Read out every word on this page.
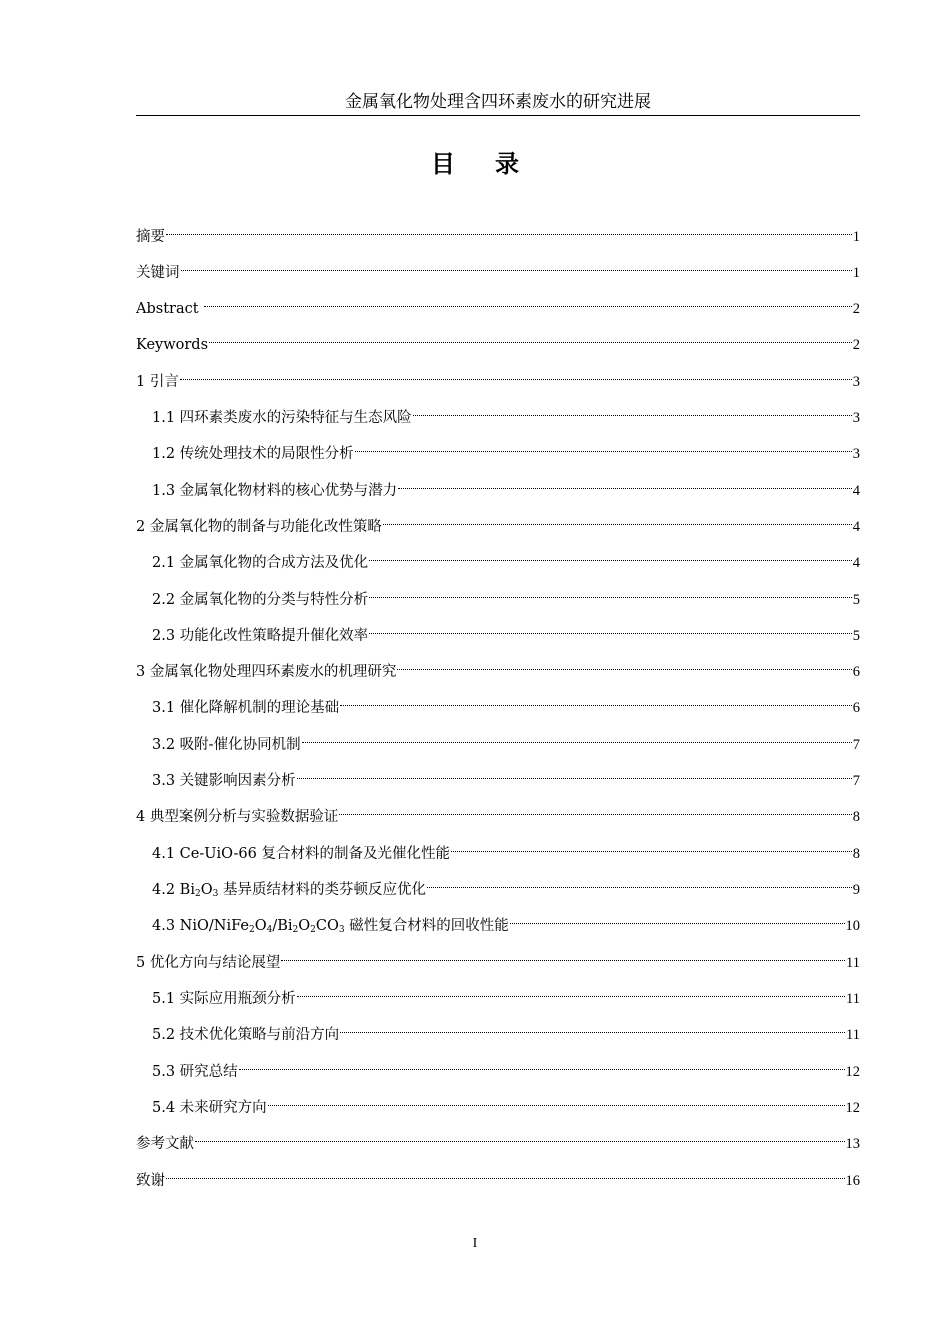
金属氧化物处理含四环素废水的研究进展
目录
摘要	1
关键词	1
Abstract	2
Keywords	2
1 引言	3
1.1 四环素类废水的污染特征与生态风险	3
1.2 传统处理技术的局限性分析	3
1.3 金属氧化物材料的核心优势与潜力	4
2 金属氧化物的制备与功能化改性策略	4
2.1 金属氧化物的合成方法及优化	4
2.2 金属氧化物的分类与特性分析	5
2.3 功能化改性策略提升催化效率	5
3 金属氧化物处理四环素废水的机理研究	6
3.1 催化降解机制的理论基础	6
3.2 吸附-催化协同机制	7
3.3 关键影响因素分析	7
4 典型案例分析与实验数据验证	8
4.1 Ce-UiO-66 复合材料的制备及光催化性能	8
4.2 $Bi_2O_3$ 基异质结材料的类芬顿反应优化	9
4.3 NiO/$NiFe_2O_4/Bi_2O_2CO_3$ 磁性复合材料的回收性能	10
5 优化方向与结论展望	11
5.1 实际应用瓶颈分析	11
5.2 技术优化策略与前沿方向	11
5.3 研究总结	12
5.4 未来研究方向	12
参考文献	13
致谢	16
I
